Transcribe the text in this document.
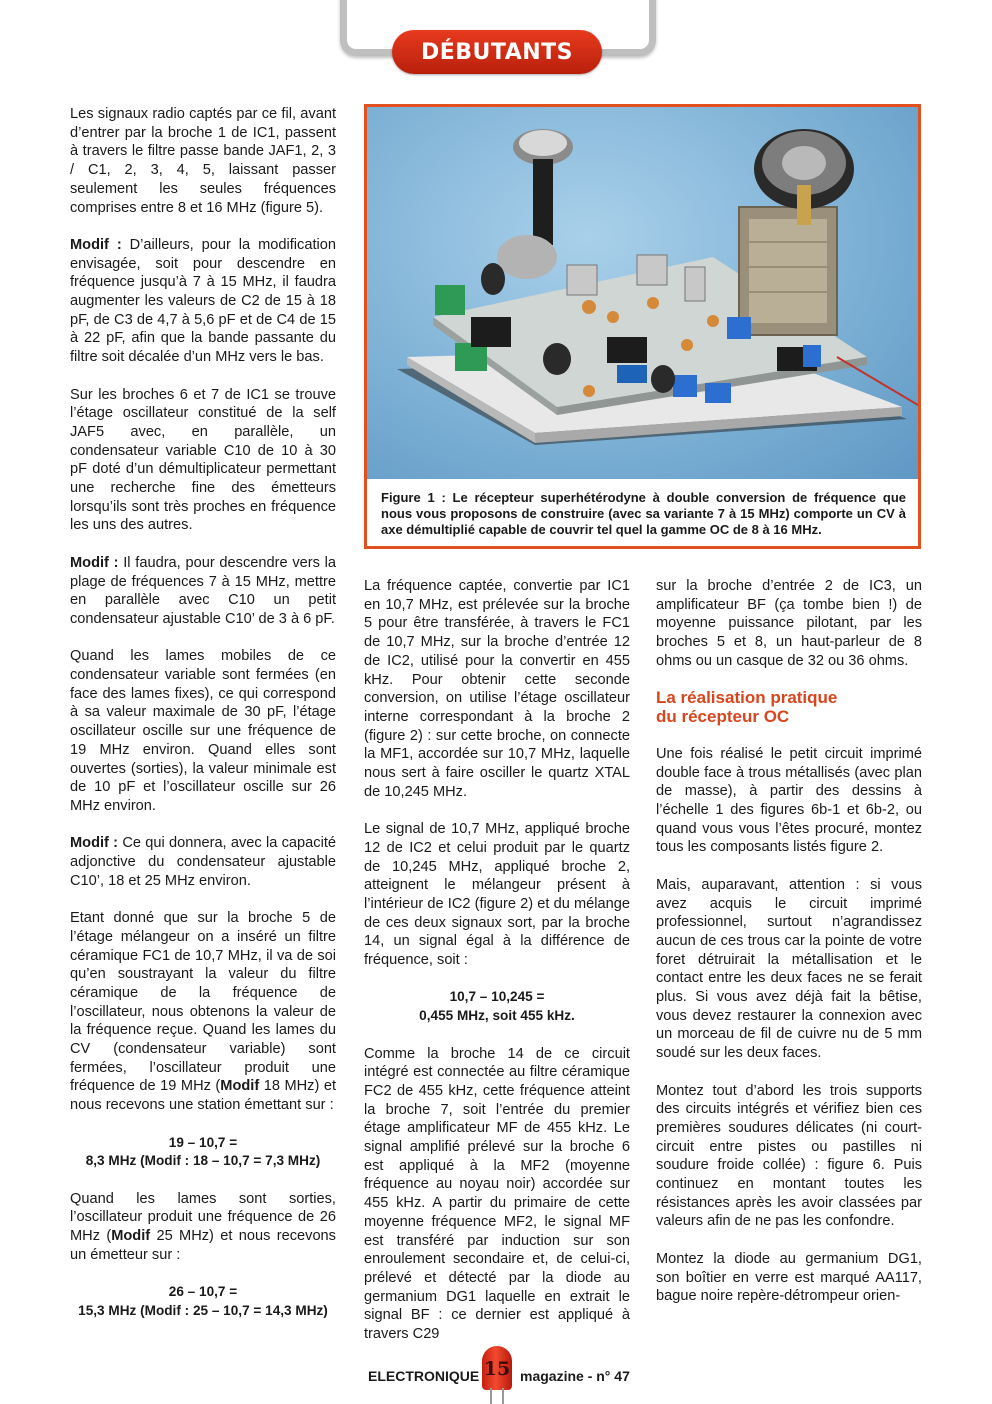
DÉBUTANTS

Les signaux radio captés par ce fil, avant d’entrer par la broche 1 de IC1, passent à travers le filtre passe bande JAF1, 2, 3 / C1, 2, 3, 4, 5, laissant passer seulement les seules fréquences comprises entre 8 et 16 MHz (figure 5).

Modif : D’ailleurs, pour la modification envisagée, soit pour descendre en fréquence jusqu’à 7 à 15 MHz, il faudra augmenter les valeurs de C2 de 15 à 18 pF, de C3 de 4,7 à 5,6 pF et de C4 de 15 à 22 pF, afin que la bande passante du filtre soit décalée d’un MHz vers le bas.

Sur les broches 6 et 7 de IC1 se trouve l’étage oscillateur constitué de la self JAF5 avec, en parallèle, un condensateur variable C10 de 10 à 30 pF doté d’un démultiplicateur permettant une recherche fine des émetteurs lorsqu’ils sont très proches en fréquence les uns des autres.

Modif : Il faudra, pour descendre vers la plage de fréquences 7 à 15 MHz, mettre en parallèle avec C10 un petit condensateur ajustable C10’ de 3 à 6 pF.

Quand les lames mobiles de ce condensateur variable sont fermées (en face des lames fixes), ce qui correspond à sa valeur maximale de 30 pF, l’étage oscillateur oscille sur une fréquence de 19 MHz environ. Quand elles sont ouvertes (sorties), la valeur minimale est de 10 pF et l’oscillateur oscille sur 26 MHz environ.

Modif : Ce qui donnera, avec la capacité adjonctive du condensateur ajustable C10’, 18 et 25 MHz environ.

Etant donné que sur la broche 5 de l’étage mélangeur on a inséré un filtre céramique FC1 de 10,7 MHz, il va de soi qu’en soustrayant la valeur du filtre céramique de la fréquence de l’oscillateur, nous obtenons la valeur de la fréquence reçue. Quand les lames du CV (condensateur variable) sont fermées, l’oscillateur produit une fréquence de 19 MHz (Modif 18 MHz) et nous recevons une station émettant sur :

19 – 10,7 =
8,3 MHz (Modif : 18 – 10,7 = 7,3 MHz)

Quand les lames sont sorties, l’oscillateur produit une fréquence de 26 MHz (Modif 25 MHz) et nous recevons un émetteur sur :

26 – 10,7 =
15,3 MHz (Modif : 25 – 10,7 = 14,3 MHz)
Figure 1 : Le récepteur superhétérodyne à double conversion de fréquence que nous vous proposons de construire (avec sa variante 7 à 15 MHz) comporte un CV à axe démultiplié capable de couvrir tel quel la gamme OC de 8 à 16 MHz.

La fréquence captée, convertie par IC1 en 10,7 MHz, est prélevée sur la broche 5 pour être transférée, à travers le FC1 de 10,7 MHz, sur la broche d’entrée 12 de IC2, utilisé pour la convertir en 455 kHz. Pour obtenir cette seconde conversion, on utilise l’étage oscillateur interne correspondant à la broche 2 (figure 2) : sur cette broche, on connecte la MF1, accordée sur 10,7 MHz, laquelle nous sert à faire osciller le quartz XTAL de 10,245 MHz.

Le signal de 10,7 MHz, appliqué broche 12 de IC2 et celui produit par le quartz de 10,245 MHz, appliqué broche 2, atteignent le mélangeur présent à l’intérieur de IC2 (figure 2) et du mélange de ces deux signaux sort, par la broche 14, un signal égal à la différence de fréquence, soit :

10,7 – 10,245 =
0,455 MHz, soit 455 kHz.

Comme la broche 14 de ce circuit intégré est connectée au filtre céramique FC2 de 455 kHz, cette fréquence atteint la broche 7, soit l’entrée du premier étage amplificateur MF de 455 kHz. Le signal amplifié prélevé sur la broche 6 est appliqué à la MF2 (moyenne fréquence au noyau noir) accordée sur 455 kHz. A partir du primaire de cette moyenne fréquence MF2, le signal MF est transféré par induction sur son enroulement secondaire et, de celui-ci, prélevé et détecté par la diode au germanium DG1 laquelle en extrait le signal BF : ce dernier est appliqué à travers C29

sur la broche d’entrée 2 de IC3, un amplificateur BF (ça tombe bien !) de moyenne puissance pilotant, par les broches 5 et 8, un haut-parleur de 8 ohms ou un casque de 32 ou 36 ohms.

La réalisation pratique
du récepteur OC

Une fois réalisé le petit circuit imprimé double face à trous métallisés (avec plan de masse), à partir des dessins à l’échelle 1 des figures 6b-1 et 6b-2, ou quand vous vous l’êtes procuré, montez tous les composants listés figure 2.

Mais, auparavant, attention : si vous avez acquis le circuit imprimé professionnel, surtout n’agrandissez aucun de ces trous car la pointe de votre foret détruirait la métallisation et le contact entre les deux faces ne se ferait plus. Si vous avez déjà fait la bêtise, vous devez restaurer la connexion avec un morceau de fil de cuivre nu de 5 mm soudé sur les deux faces.

Montez tout d’abord les trois supports des circuits intégrés et vérifiez bien ces premières soudures délicates (ni court-circuit entre pistes ou pastilles ni soudure froide collée) : figure 6. Puis continuez en montant toutes les résistances après les avoir classées par valeurs afin de ne pas les confondre.

Montez la diode au germanium DG1, son boîtier en verre est marqué AA117, bague noire repère-détrompeur orien-

ELECTRONIQUE 15 magazine - n° 47
